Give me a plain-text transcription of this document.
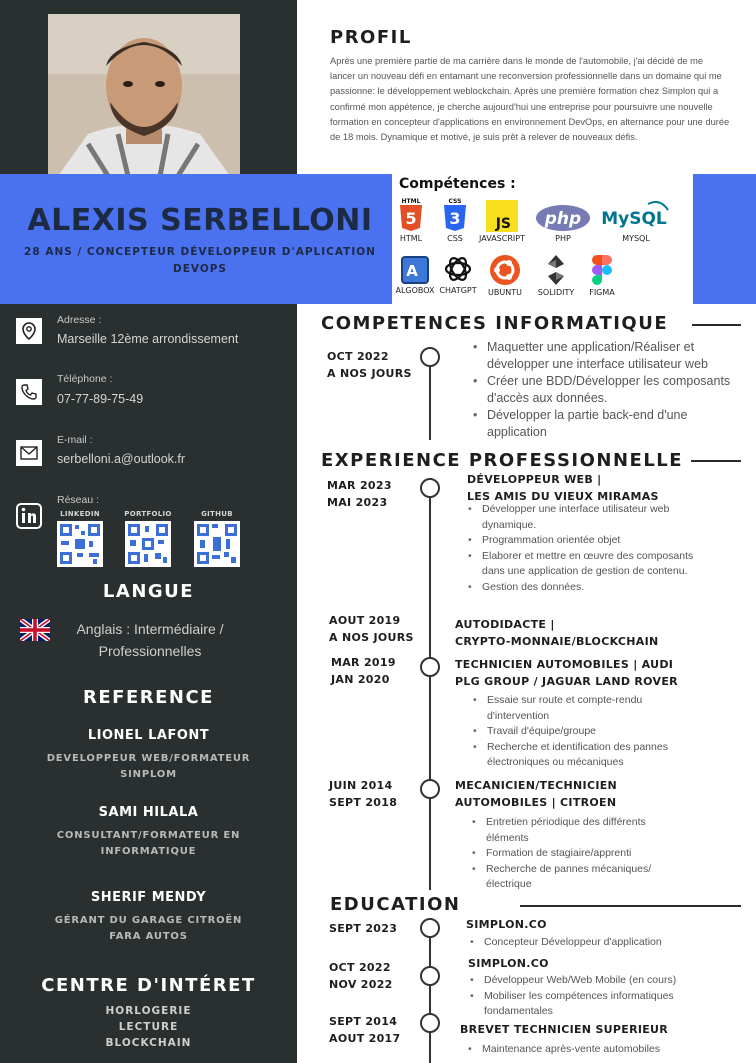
ALEXIS SERBELLONI
28 ANS / CONCEPTEUR DÉVELOPPEUR D'APLICATION
DEVOPS
Compétences :
HTML
5
HTML
CSS
3
CSS
JS
JAVASCRIPT
php
PHP
MySQL
MYSQL
A
ALGOBOX CHATGPT	UBUNTU	SOLIDITY	FIGMA
Adresse :
Marseille 12ème arrondissement
Téléphone :
07-77-89-75-49
E-mail :
serbelloni.a@outlook.fr
Réseau :
LINKEDIN	PORTFOLIO	GITHUB
LANGUE
Anglais : Intermédiaire /
Professionnelles
REFERENCE
LIONEL LAFONT
DEVELOPPEUR WEB/FORMATEUR
SINPLOM
SAMI HILALA
CONSULTANT/FORMATEUR EN
INFORMATIQUE
SHERIF MENDY
GÉRANT DU GARAGE CITROËN
FARA AUTOS
CENTRE D'INTÉRET
HORLOGERIE
LECTURE
BLOCKCHAIN
PROFIL
Après une première partie de ma carrière dans le monde de l'automobile, j'ai décidé de me lancer un nouveau défi en entamant une reconversion professionnelle dans un domaine qui me passionne: le développement weblockchain. Après une première formation chez Simplon qui a confirmé mon appétence, je cherche aujourd'hui une entreprise pour poursuivre une nouvelle formation en concepteur d'applications en environnement DevOps, en alternance pour une durée de 18 mois. Dynamique et motivé, je suis prêt à relever de nouveaux défis.
COMPETENCES INFORMATIQUE
OCT 2022
A NOS JOURS
• Maquetter une application/Réaliser et développer une interface utilisateur web
• Créer une BDD/Développer les composants d'accès aux données.
• Développer la partie back-end d'une application
EXPERIENCE PROFESSIONNELLE
MAR 2023
MAI 2023
DÉVELOPPEUR WEB |
LES AMIS DU VIEUX MIRAMAS
• Développer une interface utilisateur web dynamique.
• Programmation orientée objet
• Elaborer et mettre en œuvre des composants dans une application de gestion de contenu.
• Gestion des données.
AOUT 2019
A NOS JOURS
AUTODIDACTE |
CRYPTO-MONNAIE/BLOCKCHAIN
MAR 2019
JAN 2020
TECHNICIEN AUTOMOBILES | AUDI
PLG GROUP / JAGUAR LAND ROVER
• Essaie sur route et compte-rendu d'intervention
• Travail d'équipe/groupe
• Recherche et identification des pannes électroniques ou mécaniques
JUIN 2014
SEPT 2018
MECANICIEN/TECHNICIEN
AUTOMOBILES | CITROEN
• Entretien périodique des différents éléments
• Formation de stagiaire/apprenti
• Recherche de pannes mécaniques/ électrique
EDUCATION
SEPT 2023	SIMPLON.CO
• Concepteur Développeur d'application
OCT 2022
NOV 2022
SIMPLON.CO
• Développeur Web/Web Mobile (en cours)
• Mobiliser les compétences informatiques fondamentales
SEPT 2014
AOUT 2017
BREVET TECHNICIEN SUPERIEUR
• Maintenance après-vente automobiles
